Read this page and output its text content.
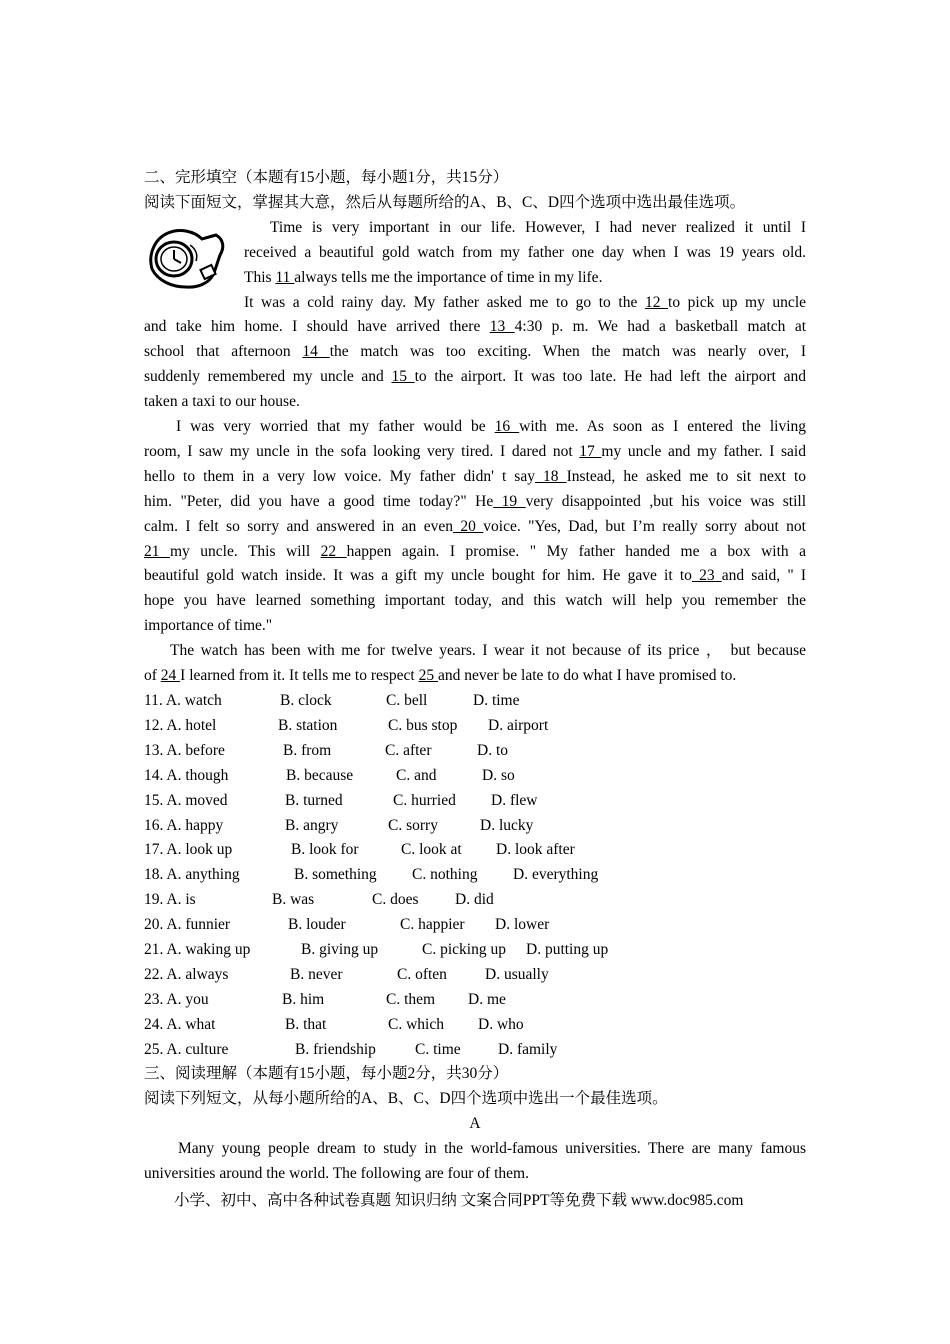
二、完形填空（本题有15小题，每小题1分，共15分）
阅读下面短文，掌握其大意，然后从每题所给的A、B、C、D四个选项中选出最佳选项。
Time is very important in our life. However, I had never realized it until I
received a beautiful gold watch from my father one day when I was 19 years old.
This 11 always tells me the importance of time in my life.
It was a cold rainy day. My father asked me to go to the 12 to pick up my uncle
and take him home. I should have arrived there 13 4:30 p. m. We had a basketball match at
school that afternoon 14 the match was too exciting. When the match was nearly over, I
suddenly remembered my uncle and 15 to the airport. It was too late. He had left the airport and
taken a taxi to our house.
I was very worried that my father would be 16 with me. As soon as I entered the living
room, I saw my uncle in the sofa looking very tired. I dared not 17 my uncle and my father. I said
hello to them in a very low voice. My father didn' t say 18 Instead, he asked me to sit next to
him. "Peter, did you have a good time today?" He 19 very disappointed ,but his voice was still
calm. I felt so sorry and answered in an even 20 voice. "Yes, Dad, but I’m really sorry about not
21 my uncle. This will 22 happen again. I promise. " My father handed me a box with a
beautiful gold watch inside. It was a gift my uncle bought for him. He gave it to 23 and said, " I
hope you have learned something important today, and this watch will help you remember the
importance of time."
The watch has been with me for twelve years. I wear it not because of its price ， but because
of 24 I learned from it. It tells me to respect 25 and never be late to do what I have promised to.
11. A. watch	B. clock	C. bell	D. time
12. A. hotel	B. station	C. bus stop D. airport
13. A. before	B. from	C. after	D. to
14. A. though	B. because	C. and	D. so
15. A. moved	B. turned	C. hurried D. flew
16. A. happy	B. angry	C. sorry	D. lucky
17. A. look up	B. look for	C. look at D. look after
18. A. anything	B. something C. nothing D. everything
19. A. is	B. was	C. does D. did
20. A. funnier	B. louder	C. happier D. lower
21. A. waking up	B. giving up	C. picking up D. putting up
22. A. always	B. never	C. often D. usually
23. A. you	B. him	C. them D. me
24. A. what	B. that	C. which D. who
25. A. culture	B. friendship	C. time D. family
三、阅读理解（本题有15小题，每小题2分，共30分）
阅读下列短文，从每小题所给的A、B、C、D四个选项中选出一个最佳选项。
A
Many young people dream to study in the world-famous universities. There are many famous
universities around the world. The following are four of them.
小学、初中、高中各种试卷真题 知识归纳 文案合同PPT等免费下载 www.doc985.com
